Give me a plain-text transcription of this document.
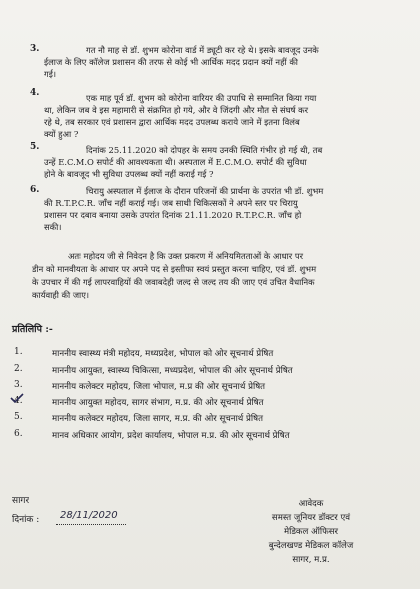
3.	गत नौ माह से डॉ. शुभम कोरोना वार्ड में ड्यूटी कर रहे थे। इसके बावजूद उनके
ईलाज के लिए कॉलेज प्रशासन की तरफ से कोई भी आर्थिक मदद प्रदान क्यों नहीं की
गई।
4.	एक माह पूर्व डॉ. शुभम को कोरोना वारियर की उपाधि से सम्मानित किया गया
था, लेकिन जब वे इस महामारी से संक्रमित हो गये, और वे जिंदगी और मौत से संघर्ष कर
रहे थे, तब सरकार एवं प्रशासन द्वारा आर्थिक मदद उपलब्ध कराये जाने में इतना विलंब
क्यों हुआ ?
5.	दिनांक 25.11.2020 को दोपहर के समय उनकी स्थिति गंभीर हो गई थी, तब
उन्हें E.C.M.O सपोर्ट की आवश्यकता थी। अस्पताल में E.C.M.O. सपोर्ट की सुविधा
होने के बावजूद भी सुविधा उपलब्ध क्यों नहीं कराई गई ?
6.	चिरायु अस्पताल में ईलाज के दौरान परिजनों की प्रार्थना के उपरांत भी डॉ. शुभम
की R.T.P.C.R. जाँच नहीं कराई गई। जब साथी चिकित्सकों ने अपने स्तर पर चिरायु
प्रशासन पर दबाव बनाया उसके उपरांत दिनांक 21.11.2020 R.T.P.C.R. जाँच हो
सकी।
अतः महोदय जी से निवेदन है कि उक्त प्रकरण में अनियमितताओं के आधार पर
डीन को मानवीयता के आधार पर अपने पद से इस्तीफा स्वयं प्रस्तुत करना चाहिए, एवं डॉ. शुभम
के उपचार में की गई लापरवाहियों की जवाबदेही जल्द से जल्द तय की जाए एवं उचित वैधानिक
कार्यवाही की जाए।
प्रतिलिपि :-
1.	माननीय स्वास्थ्य मंत्री महोदय, मध्यप्रदेश, भोपाल को ओर सूचनार्थ प्रेषित
2.	माननीय आयुक्त, स्वास्थ्य चिकित्सा, मध्यप्रदेश, भोपाल की ओर सूचनार्थ प्रेषित
3.	माननीय कलेक्टर महोदय, जिला भोपाल, म.प्र की ओर सूचनार्थ प्रेषित
4.	माननीय आयुक्त महोदय, सागर संभाग, म.प्र. की ओर सूचनार्थ प्रेषित
5.	माननीय कलेक्टर महोदय, जिला सागर, म.प्र. की ओर सूचनार्थ प्रेषित
6.	मानव अधिकार आयोग, प्रदेश कार्यालय, भोपाल म.प्र. की ओर सूचनार्थ प्रेषित
सागर
दिनांक : 28/11/2020
आवेदक
समस्त जूनियर डॉक्टर एवं
मेडिकल ऑफिसर
बुन्देलखण्ड मेडिकल कॉलेज
सागर, म.प्र.
